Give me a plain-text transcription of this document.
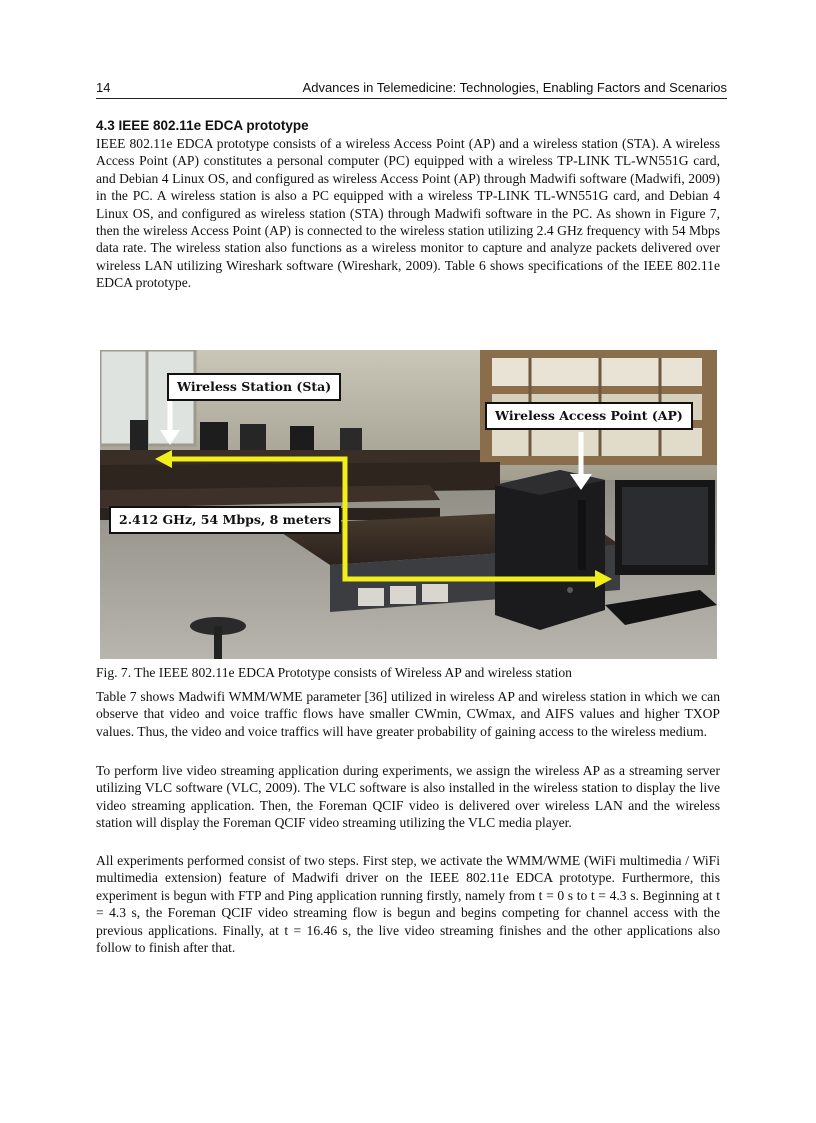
14	Advances in Telemedicine: Technologies, Enabling Factors and Scenarios
4.3 IEEE 802.11e EDCA prototype

IEEE 802.11e EDCA prototype consists of a wireless Access Point (AP) and a wireless station (STA). A wireless Access Point (AP) constitutes a personal computer (PC) equipped with a wireless TP-LINK TL-WN551G card, and Debian 4 Linux OS, and configured as wireless Access Point (AP) through Madwifi software (Madwifi, 2009) in the PC. A wireless station is also a PC equipped with a wireless TP-LINK TL-WN551G card, and Debian 4 Linux OS, and configured as wireless station (STA) through Madwifi software in the PC. As shown in Figure 7, then the wireless Access Point (AP) is connected to the wireless station utilizing 2.4 GHz frequency with 54 Mbps data rate. The wireless station also functions as a wireless monitor to capture and analyze packets delivered over wireless LAN utilizing Wireshark software (Wireshark, 2009). Table 6 shows specifications of the IEEE 802.11e EDCA prototype.

Wireless Station (Sta)
Wireless Access Point (AP)
2.412 GHz, 54 Mbps, 8 meters
Fig. 7. The IEEE 802.11e EDCA Prototype consists of Wireless AP and wireless station

Table 7 shows Madwifi WMM/WME parameter [36] utilized in wireless AP and wireless station in which we can observe that video and voice traffic flows have smaller CWmin, CWmax, and AIFS values and higher TXOP values. Thus, the video and voice traffics will have greater probability of gaining access to the wireless medium.

To perform live video streaming application during experiments, we assign the wireless AP as a streaming server utilizing VLC software (VLC, 2009). The VLC software is also installed in the wireless station to display the live video streaming application. Then, the Foreman QCIF video is delivered over wireless LAN and the wireless station will display the Foreman QCIF video streaming utilizing the VLC media player.

All experiments performed consist of two steps. First step, we activate the WMM/WME (WiFi multimedia / WiFi multimedia extension) feature of Madwifi driver on the IEEE 802.11e EDCA prototype. Furthermore, this experiment is begun with FTP and Ping application running firstly, namely from t = 0 s to t = 4.3 s. Beginning at t = 4.3 s, the Foreman QCIF video streaming flow is begun and begins competing for channel access with the previous applications. Finally, at t = 16.46 s, the live video streaming finishes and the other applications also follow to finish after that.
